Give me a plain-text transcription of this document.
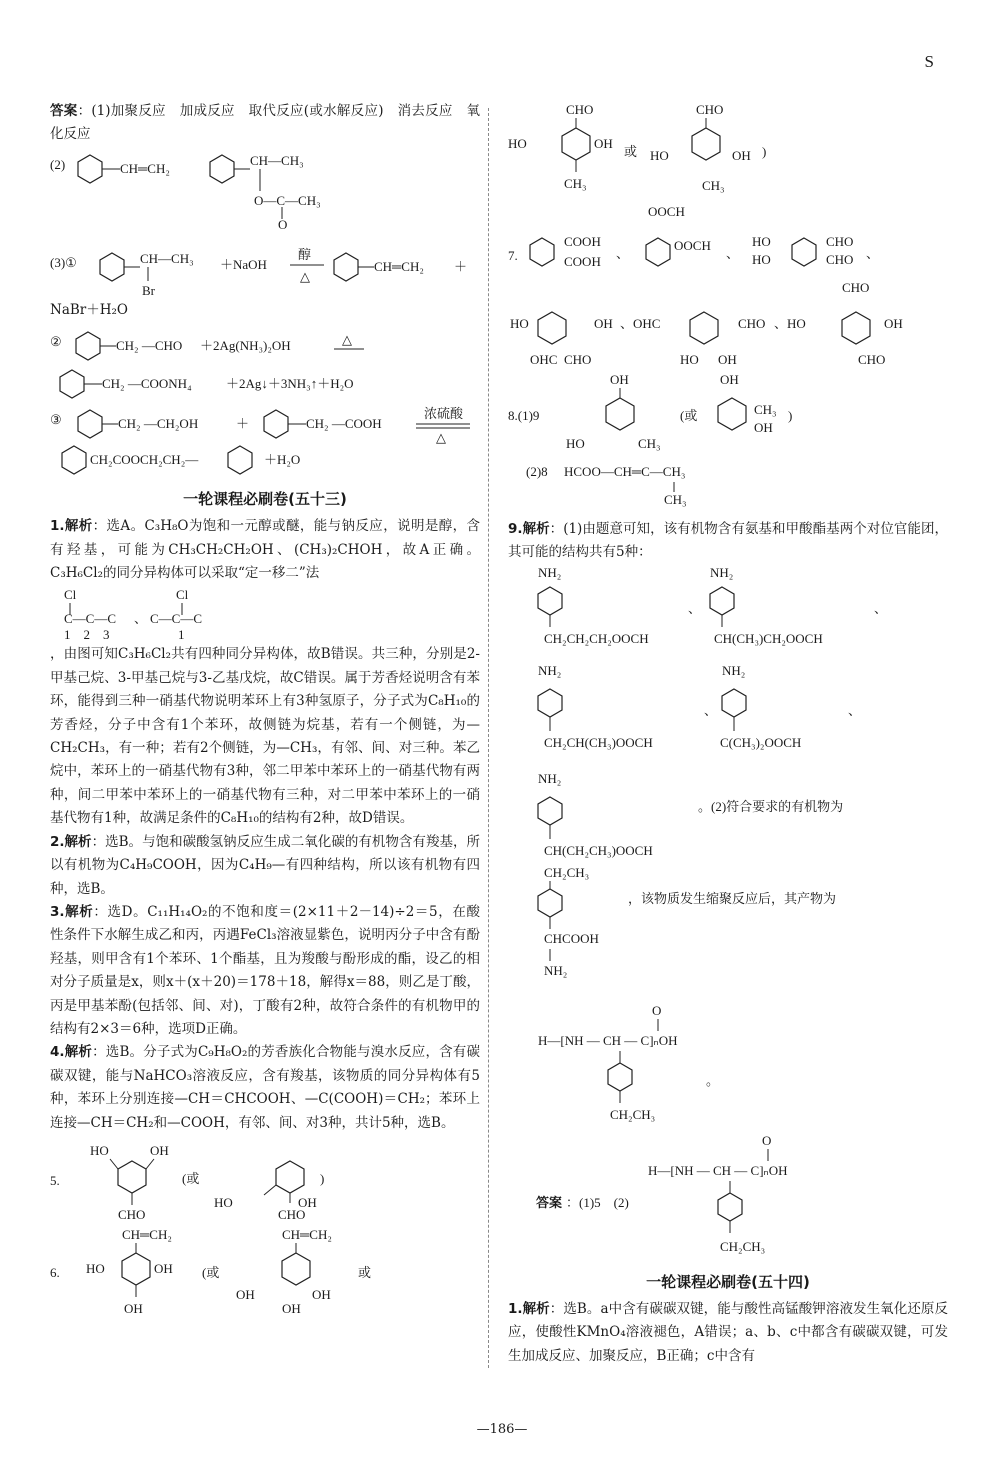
S

答案：(1)加聚反应　加成反应　取代反应(或水解反应)　消去反应　氧化反应

(2)	CH═CH₂
CH—CH₃
O—C—CH₃
O
(3)①	CH—CH₃
Br
＋NaOH
醇
△
CH═CH₂ ＋

NaBr＋H₂O

②	CH₂ —CHO ＋2Ag(NH₃)₂OH	△
CH₂ —COONH₄	＋2Ag↓＋3NH₃↑＋H₂O
③	CH₂ —CH₂OH	＋	CH₂ —COOH
浓硫酸
△
CH₂COOCH₂CH₂—	＋H₂O
一轮课程必刷卷(五十三)

1.解析：选A。C₃H₈O为饱和一元醇或醚，能与钠反应，说明是醇，含有羟基，可能为CH₃CH₂CH₂OH、(CH₃)₂CHOH，故A正确。C₃H₆Cl₂的同分异构体可以采取“定一移二”法

Cl
C—C—C
1　2　3
、
Cl
C—C—C
1

，由图可知C₃H₆Cl₂共有四种同分异构体，故B错误。共三种，分别是2-甲基己烷、3-甲基己烷与3-乙基戊烷，故C错误。属于芳香烃说明含有苯环，能得到三种一硝基代物说明苯环上有3种氢原子，分子式为C₈H₁₀的芳香烃，分子中含有1个苯环，故侧链为烷基，若有一个侧链，为—CH₂CH₃，有一种；若有2个侧链，为—CH₃，有邻、间、对三种。苯乙烷中，苯环上的一硝基代物有3种，邻二甲苯中苯环上的一硝基代物有两种，间二甲苯中苯环上的一硝基代物有三种，对二甲苯中苯环上的一硝基代物有1种，故满足条件的C₈H₁₀的结构有2种，故D错误。

2.解析：选B。与饱和碳酸氢钠反应生成二氧化碳的有机物含有羧基，所以有机物为C₄H₉COOH，因为C₄H₉—有四种结构，所以该有机物有四种，选B。

3.解析：选D。C₁₁H₁₄O₂的不饱和度＝(2×11＋2－14)÷2＝5，在酸性条件下水解生成乙和丙，丙遇FeCl₃溶液显紫色，说明丙分子中含有酚羟基，则甲含有1个苯环、1个酯基，且为羧酸与酚形成的酯，设乙的相对分子质量是x，则x＋(x＋20)＝178＋18，解得x＝88，则乙是丁酸，丙是甲基苯酚(包括邻、间、对)，丁酸有2种，故符合条件的有机物甲的结构有2×3＝6种，选项D正确。

4.解析：选B。分子式为C₉H₈O₂的芳香族化合物能与溴水反应，含有碳碳双键，能与NaHCO₃溶液反应，含有羧基，该物质的同分异构体有5种，苯环上分别连接—CH＝CHCOOH、—C(COOH)＝CH₂；苯环上连接—CH＝CH₂和—COOH，有邻、间、对3种，共计5种，选B。

5.
HO	OH
CHO
(或
HO	OH
CHO
)
6.
CH═CH₂
HO	OH
OH
(或
CH═CH₂
OH
OH
OH
或
CHO
HO	OH
CH₃
或
CHO
HO	OH
CH₃
)
7.
COOH
COOH
、
OOCH
OOCH
、
HO
HO
CHO
CHO 、
HO	OH
OHC CHO
、OHC	CHO
HO OH
、HO
CHO
OH
CHO
8.(1)9
OH
HO	CH₃
(或
OH
CH₃
OH
)
(2)8 HCOO—CH═C—CH₃
CH₃

9.解析：(1)由题意可知，该有机物含有氨基和甲酸酯基两个对位官能团，其可能的结构共有5种：

NH₂
CH₂CH₂CH₂OOCH
、
NH₂
CH(CH₃)CH₂OOCH
、
NH₂
CH₂CH(CH₃)OOCH
、
NH₂
C(CH₃)₂OOCH
、
NH₂
CH(CH₂CH₃)OOCH
。(2)符合要求的有机物为
CH₂CH₃
CHCOOH
NH₂
，该物质发生缩聚反应后，其产物为
O
H—[NH — CH — C]ₙOH
CH₂CH₃
。
O
H—[NH — CH — C]ₙOH
CH₂CH₃
答案 ：(1)5　(2)
一轮课程必刷卷(五十四)

1.解析：选B。a中含有碳碳双键，能与酸性高锰酸钾溶液发生氧化还原反应，使酸性KMnO₄溶液褪色，A错误；a、b、c中都含有碳碳双键，可发生加成反应、加聚反应，B正确；c中含有

—186—
